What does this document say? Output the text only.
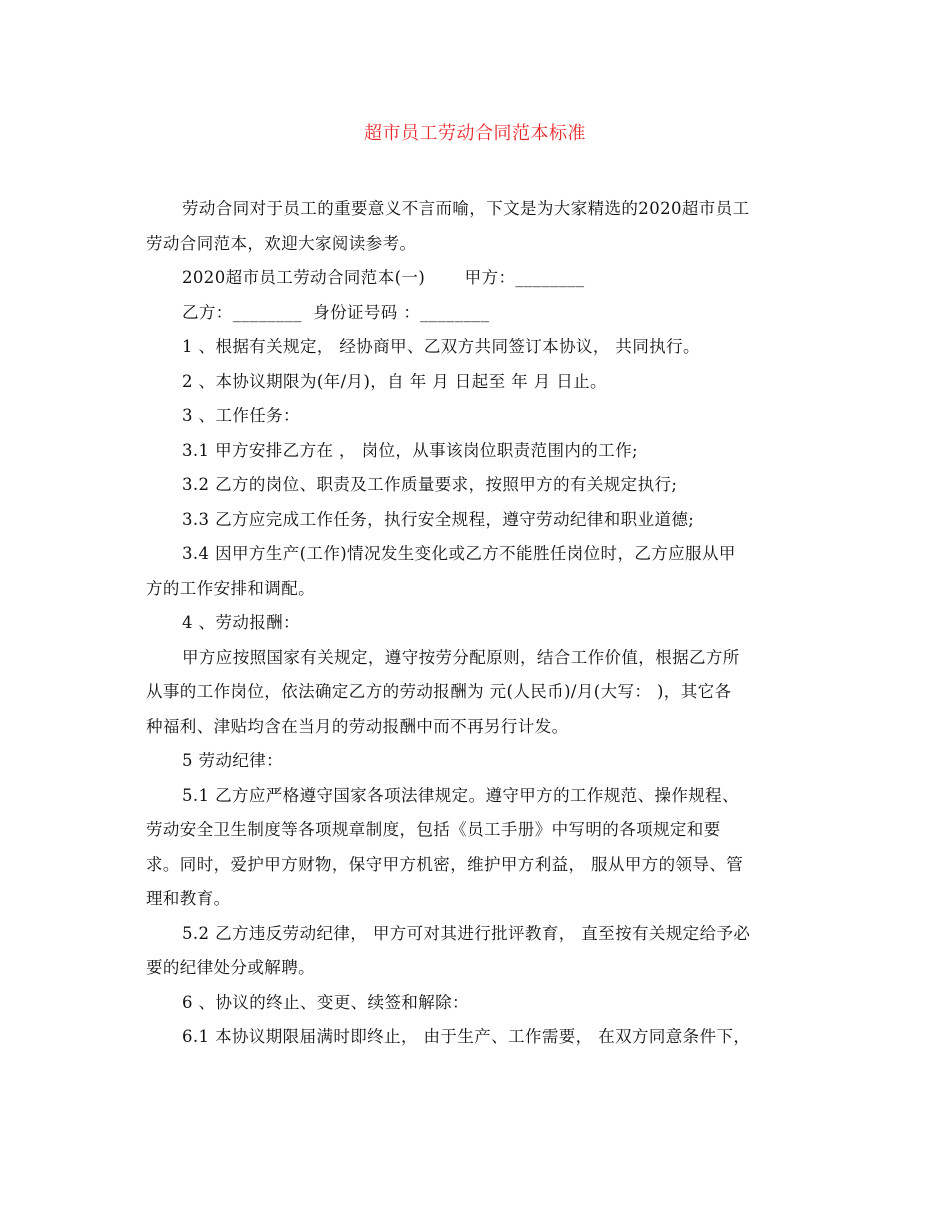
超市员工劳动合同范本标准

劳动合同对于员工的重要意义不言而喻，下文是为大家精选的2020超市员工

劳动合同范本，欢迎大家阅读参考。

2020超市员工劳动合同范本(一)       甲方：________

乙方：________  身份证号码 ：________

1 、根据有关规定， 经协商甲、乙双方共同签订本协议， 共同执行。

2 、本协议期限为(年/月)，自 年 月 日起至 年 月 日止。

3 、工作任务：

3.1 甲方安排乙方在 ， 岗位，从事该岗位职责范围内的工作;

3.2 乙方的岗位、职责及工作质量要求，按照甲方的有关规定执行;

3.3 乙方应完成工作任务，执行安全规程，遵守劳动纪律和职业道德;

3.4 因甲方生产(工作)情况发生变化或乙方不能胜任岗位时，乙方应服从甲

方的工作安排和调配。

4 、劳动报酬：

甲方应按照国家有关规定，遵守按劳分配原则，结合工作价值，根据乙方所

从事的工作岗位，依法确定乙方的劳动报酬为 元(人民币)/月(大写： )，其它各

种福利、津贴均含在当月的劳动报酬中而不再另行计发。

5 劳动纪律：

5.1 乙方应严格遵守国家各项法律规定。遵守甲方的工作规范、操作规程、

劳动安全卫生制度等各项规章制度，包括《员工手册》中写明的各项规定和要

求。同时，爱护甲方财物，保守甲方机密，维护甲方利益， 服从甲方的领导、管

理和教育。

5.2 乙方违反劳动纪律， 甲方可对其进行批评教育， 直至按有关规定给予必

要的纪律处分或解聘。

6 、协议的终止、变更、续签和解除：

6.1 本协议期限届满时即终止， 由于生产、工作需要， 在双方同意条件下，
